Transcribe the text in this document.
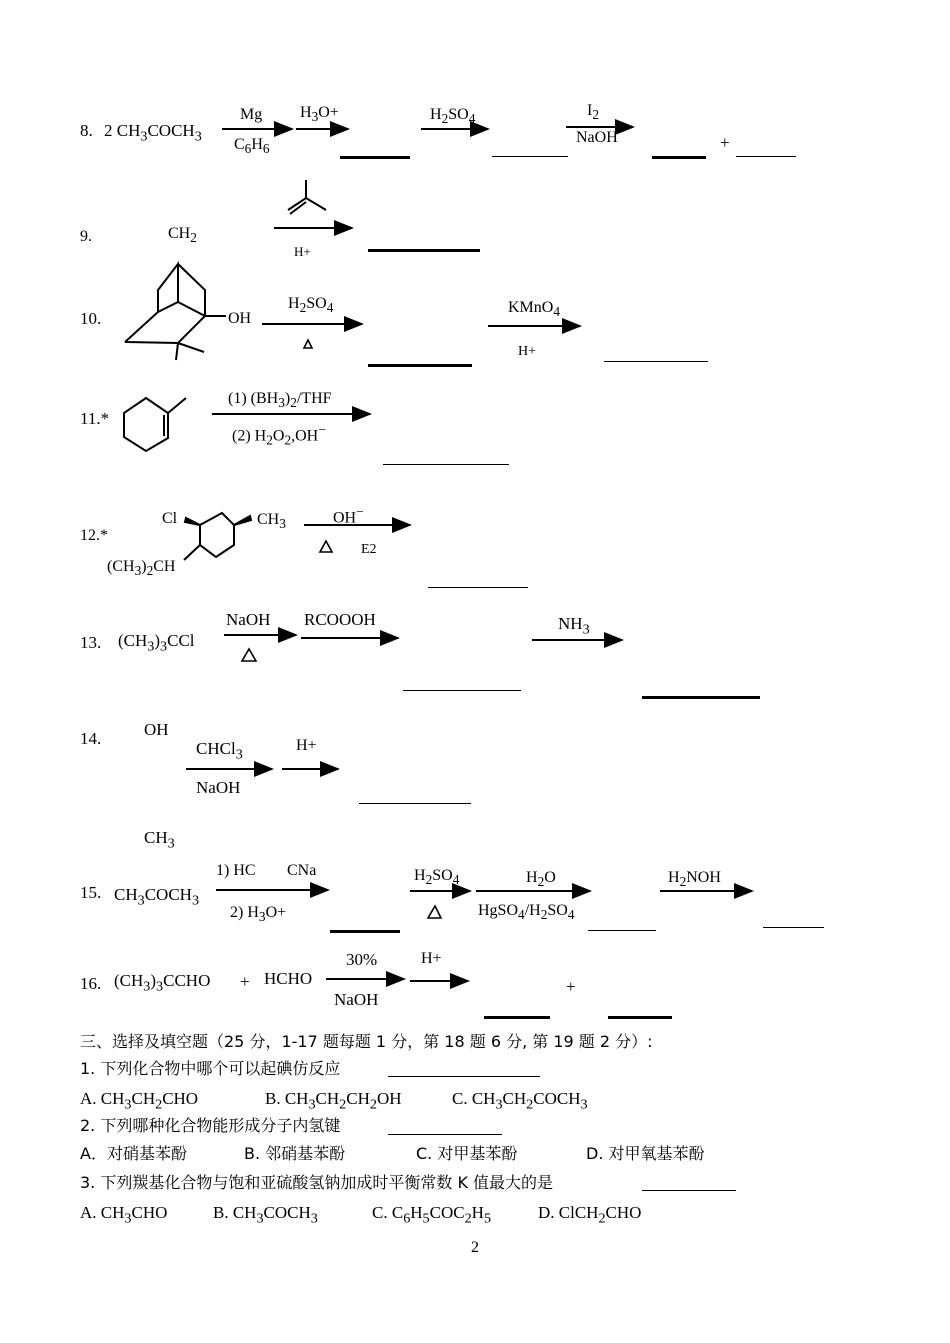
8. 2 $CH_3COCH_3$
Mg
$C_6H_6$
$H_3O+$	$H_2SO_4$	$I_2$
NaOH	+
9.	$CH_2$
H+
10.	OH
$H_2SO_4$	KMnO$_4$
H+
11.*
(1) $(BH_3)_2$/THF
(2) $H_2O_2,OH^-$
12.*
Cl	$CH_3$
$(CH_3)_2CH$
OH−
E2
13. $(CH_3)_3CCl$
NaOH RCOOOH	$NH_3$
14.	OH
CHCl$_3$
NaOH
H+
$CH_3$
15. $CH_3COCH_3$
1) HC CNa
2) $H_3O+$
$H_2SO_4$	$H_2O$
$HgSO_4/H_2SO_4$
$H_2NOH$
16. $(CH_3)_3CCHO$ + HCHO
30%
NaOH
H+
+
三、选择及填空题（25 分，1-17 题每题 1 分，第 18 题 6 分, 第 19 题 2 分）:
1. 下列化合物中哪个可以起碘仿反应
A. $CH_3CH_2CHO$	B. $CH_3CH_2CH_2OH$	C. $CH_3CH_2COCH_3$
2. 下列哪种化合物能形成分子内氢键
A．对硝基苯酚	B. 邻硝基苯酚	C. 对甲基苯酚	D. 对甲氧基苯酚
3. 下列羰基化合物与饱和亚硫酸氢钠加成时平衡常数 K 值最大的是
A. $CH_3CHO$	B. $CH_3COCH_3$	C. $C_6H_5COC_2H_5$	D. ClCH$_2$CHO
2
